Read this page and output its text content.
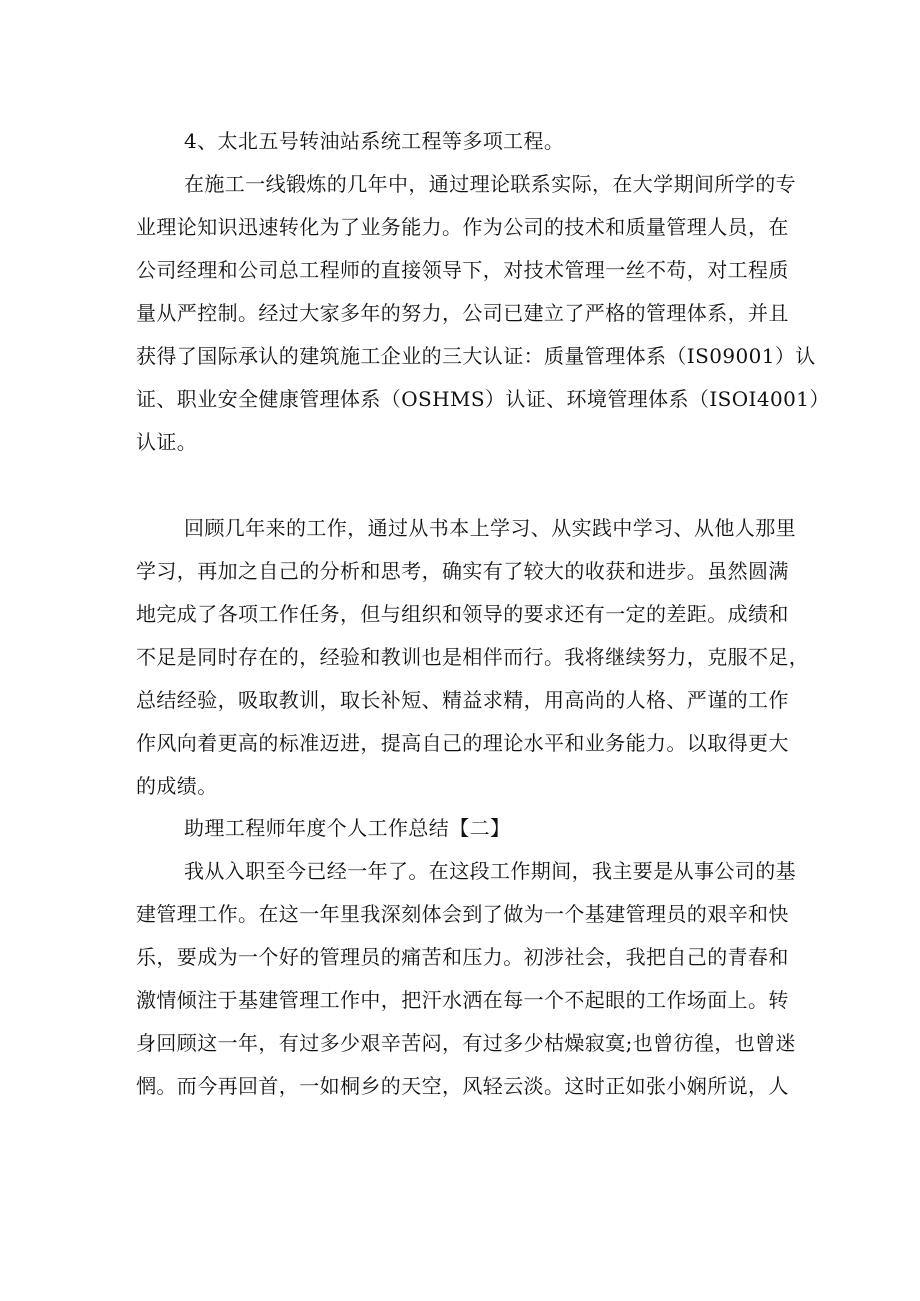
4、太北五号转油站系统工程等多项工程。
在施工一线锻炼的几年中，通过理论联系实际，在大学期间所学的专
业理论知识迅速转化为了业务能力。作为公司的技术和质量管理人员，在
公司经理和公司总工程师的直接领导下，对技术管理一丝不苟，对工程质
量从严控制。经过大家多年的努力，公司已建立了严格的管理体系，并且
获得了国际承认的建筑施工企业的三大认证：质量管理体系（IS09001）认
证、职业安全健康管理体系（OSHMS）认证、环境管理体系（ISOI4001）
认证。
回顾几年来的工作，通过从书本上学习、从实践中学习、从他人那里
学习，再加之自己的分析和思考，确实有了较大的收获和进步。虽然圆满
地完成了各项工作任务，但与组织和领导的要求还有一定的差距。成绩和
不足是同时存在的，经验和教训也是相伴而行。我将继续努力，克服不足，
总结经验，吸取教训，取长补短、精益求精，用高尚的人格、严谨的工作
作风向着更高的标准迈进，提高自己的理论水平和业务能力。以取得更大
的成绩。
助理工程师年度个人工作总结【二】
我从入职至今已经一年了。在这段工作期间，我主要是从事公司的基
建管理工作。在这一年里我深刻体会到了做为一个基建管理员的艰辛和快
乐，要成为一个好的管理员的痛苦和压力。初涉社会，我把自己的青春和
激情倾注于基建管理工作中，把汗水洒在每一个不起眼的工作场面上。转
身回顾这一年，有过多少艰辛苦闷，有过多少枯燥寂寞;也曾彷徨，也曾迷
惘。而今再回首，一如桐乡的天空，风轻云淡。这时正如张小娴所说，人
